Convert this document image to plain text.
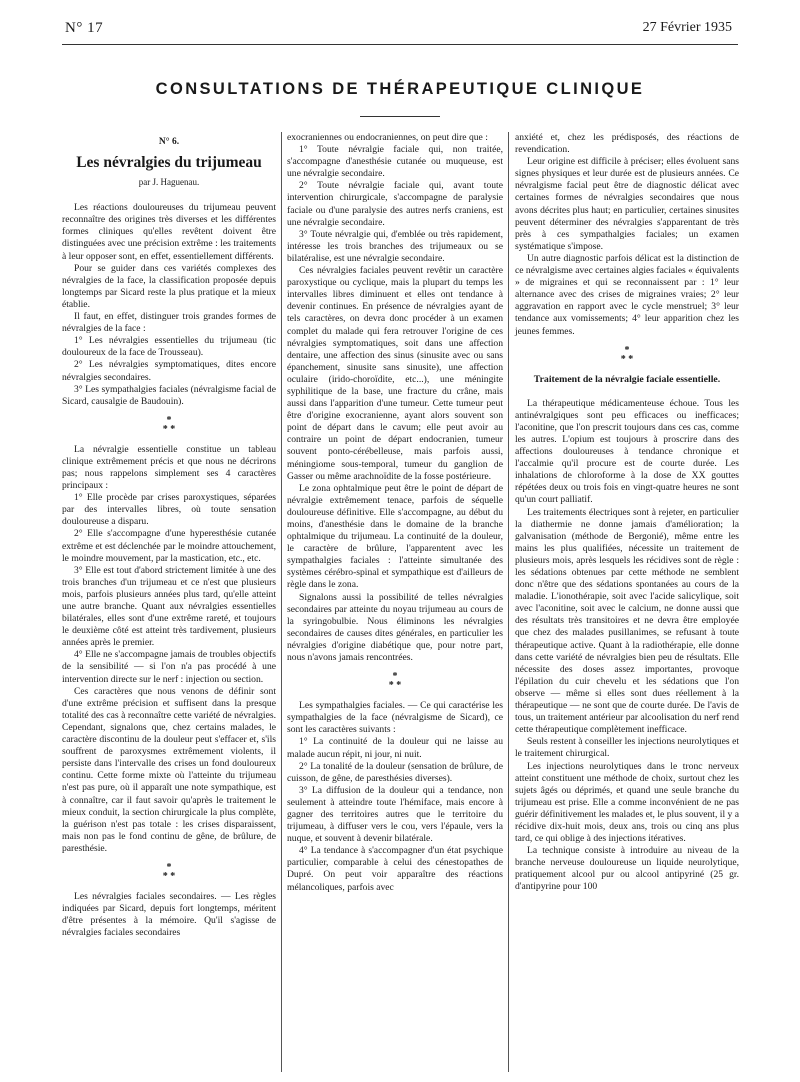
N° 17	27 Février 1935
CONSULTATIONS DE THÉRAPEUTIQUE CLINIQUE

N° 6.

Les névralgies du trijumeau

par J. Haguenau.

Les réactions douloureuses du trijumeau peuvent reconnaître des origines très diverses et les différentes formes cliniques qu'elles revêtent doivent être distinguées avec une précision extrême : les traitements à leur opposer sont, en effet, essentiellement différents.

Pour se guider dans ces variétés complexes des névralgies de la face, la classification proposée depuis longtemps par Sicard reste la plus pratique et la mieux établie.

Il faut, en effet, distinguer trois grandes formes de névralgies de la face :

1° Les névralgies essentielles du trijumeau (tic douloureux de la face de Trousseau).

2° Les névralgies symptomatiques, dites encore névralgies secondaires.

3° Les sympathalgies faciales (névralgisme facial de Sicard, causalgie de Baudouin).

*
* *

La névralgie essentielle constitue un tableau clinique extrêmement précis et que nous ne décrirons pas; nous rappelons simplement ses 4 caractères principaux :

1° Elle procède par crises paroxystiques, séparées par des intervalles libres, où toute sensation douloureuse a disparu.

2° Elle s'accompagne d'une hyperesthésie cutanée extrême et est déclenchée par le moindre attouchement, le moindre mouvement, par la mastication, etc., etc.

3° Elle est tout d'abord strictement limitée à une des trois branches d'un trijumeau et ce n'est que plusieurs mois, parfois plusieurs années plus tard, qu'elle atteint une autre branche. Quant aux névralgies essentielles bilatérales, elles sont d'une extrême rareté, et toujours le deuxième côté est atteint très tardivement, plusieurs années après le premier.

4° Elle ne s'accompagne jamais de troubles objectifs de la sensibilité — si l'on n'a pas procédé à une intervention directe sur le nerf : injection ou section.

Ces caractères que nous venons de définir sont d'une extrême précision et suffisent dans la presque totalité des cas à reconnaître cette variété de névralgies. Cependant, signalons que, chez certains malades, le caractère discontinu de la douleur peut s'effacer et, s'ils souffrent de paroxysmes extrêmement violents, il persiste dans l'intervalle des crises un fond douloureux continu. Cette forme mixte où l'atteinte du trijumeau n'est pas pure, où il apparaît une note sympathique, est à connaître, car il faut savoir qu'après le traitement le mieux conduit, la section chirurgicale la plus complète, la guérison n'est pas totale : les crises disparaissent, mais non pas le fond continu de gêne, de brûlure, de paresthésie.

*
* *

Les névralgies faciales secondaires. — Les règles indiquées par Sicard, depuis fort longtemps, méritent d'être présentes à la mémoire. Qu'il s'agisse de névralgies faciales secondaires

exocraniennes ou endocraniennes, on peut dire que :

1° Toute névralgie faciale qui, non traitée, s'accompagne d'anesthésie cutanée ou muqueuse, est une névralgie secondaire.

2° Toute névralgie faciale qui, avant toute intervention chirurgicale, s'accompagne de paralysie faciale ou d'une paralysie des autres nerfs craniens, est une névralgie secondaire.

3° Toute névralgie qui, d'emblée ou très rapidement, intéresse les trois branches des trijumeaux ou se bilatéralise, est une névralgie secondaire.

Ces névralgies faciales peuvent revêtir un caractère paroxystique ou cyclique, mais la plupart du temps les intervalles libres diminuent et elles ont tendance à devenir continues. En présence de névralgies ayant de tels caractères, on devra donc procéder à un examen complet du malade qui fera retrouver l'origine de ces névralgies symptomatiques, soit dans une affection dentaire, une affection des sinus (sinusite avec ou sans épanchement, sinusite sans sinusite), une affection oculaire (irido-choroïdite, etc...), une méningite syphilitique de la base, une fracture du crâne, mais aussi dans l'apparition d'une tumeur. Cette tumeur peut être d'origine exocranienne, ayant alors souvent son point de départ dans le cavum; elle peut avoir au contraire un point de départ endocranien, tumeur souvent ponto-cérébelleuse, mais parfois aussi, méningiome sous-temporal, tumeur du ganglion de Gasser ou même arachnoïdite de la fosse postérieure.

Le zona ophtalmique peut être le point de départ de névralgie extrêmement tenace, parfois de séquelle douloureuse définitive. Elle s'accompagne, au début du moins, d'anesthésie dans le domaine de la branche ophtalmique du trijumeau. La continuité de la douleur, le caractère de brûlure, l'apparentent avec les sympathalgies faciales : l'atteinte simultanée des systèmes cérébro-spinal et sympathique est d'ailleurs de règle dans le zona.

Signalons aussi la possibilité de telles névralgies secondaires par atteinte du noyau trijumeau au cours de la syringobulbie. Nous éliminons les névralgies secondaires de causes dites générales, en particulier les névralgies d'origine diabétique que, pour notre part, nous n'avons jamais rencontrées.

*
* *

Les sympathalgies faciales. — Ce qui caractérise les sympathalgies de la face (névralgisme de Sicard), ce sont les caractères suivants :

1° La continuité de la douleur qui ne laisse au malade aucun répit, ni jour, ni nuit.

2° La tonalité de la douleur (sensation de brûlure, de cuisson, de gêne, de paresthésies diverses).

3° La diffusion de la douleur qui a tendance, non seulement à atteindre toute l'hémiface, mais encore à gagner des territoires autres que le territoire du trijumeau, à diffuser vers le cou, vers l'épaule, vers la nuque, et souvent à devenir bilatérale.

4° La tendance à s'accompagner d'un état psychique particulier, comparable à celui des cénestopathes de Dupré. On peut voir apparaître des réactions mélancoliques, parfois avec

anxiété et, chez les prédisposés, des réactions de revendication.

Leur origine est difficile à préciser; elles évoluent sans signes physiques et leur durée est de plusieurs années. Ce névralgisme facial peut être de diagnostic délicat avec certaines formes de névralgies secondaires que nous avons décrites plus haut; en particulier, certaines sinusites peuvent déterminer des névralgies s'apparentant de très près à ces sympathalgies faciales; un examen systématique s'impose.

Un autre diagnostic parfois délicat est la distinction de ce névralgisme avec certaines algies faciales « équivalents » de migraines et qui se reconnaissent par : 1° leur alternance avec des crises de migraines vraies; 2° leur aggravation en rapport avec le cycle menstruel; 3° leur tendance aux vomissements; 4° leur apparition chez les jeunes femmes.

*
* *

Traitement de la névralgie faciale essentielle.

La thérapeutique médicamenteuse échoue. Tous les antinévralgiques sont peu efficaces ou inefficaces; l'aconitine, que l'on prescrit toujours dans ces cas, comme les autres. L'opium est toujours à proscrire dans des affections douloureuses à tendance chronique et l'accalmie qu'il procure est de courte durée. Les inhalations de chloroforme à la dose de XX gouttes répétées deux ou trois fois en vingt-quatre heures ne sont qu'un court palliatif.

Les traitements électriques sont à rejeter, en particulier la diathermie ne donne jamais d'amélioration; la galvanisation (méthode de Bergonié), même entre les mains les plus qualifiées, nécessite un traitement de plusieurs mois, après lesquels les récidives sont de règle : les sédations obtenues par cette méthode ne semblent donc n'être que des sédations spontanées au cours de la maladie. L'ionothérapie, soit avec l'acide salicylique, soit avec l'aconitine, soit avec le calcium, ne donne aussi que des résultats très transitoires et ne devra être employée que chez des malades pusillanimes, se refusant à toute thérapeutique active. Quant à la radiothérapie, elle donne dans cette variété de névralgies bien peu de résultats. Elle nécessite des doses assez importantes, provoque l'épilation du cuir chevelu et les sédations que l'on observe — même si elles sont dues réellement à la thérapeutique — ne sont que de courte durée. De l'avis de tous, un traitement antérieur par alcoolisation du nerf rend cette thérapeutique complètement inefficace.

Seuls restent à conseiller les injections neurolytiques et le traitement chirurgical.

Les injections neurolytiques dans le tronc nerveux atteint constituent une méthode de choix, surtout chez les sujets âgés ou déprimés, et quand une seule branche du trijumeau est prise. Elle a comme inconvénient de ne pas guérir définitivement les malades et, le plus souvent, il y a récidive dix-huit mois, deux ans, trois ou cinq ans plus tard, ce qui oblige à des injections itératives.

La technique consiste à introduire au niveau de la branche nerveuse douloureuse un liquide neurolytique, pratiquement alcool pur ou alcool antipyriné (25 gr. d'antipyrine pour 100
